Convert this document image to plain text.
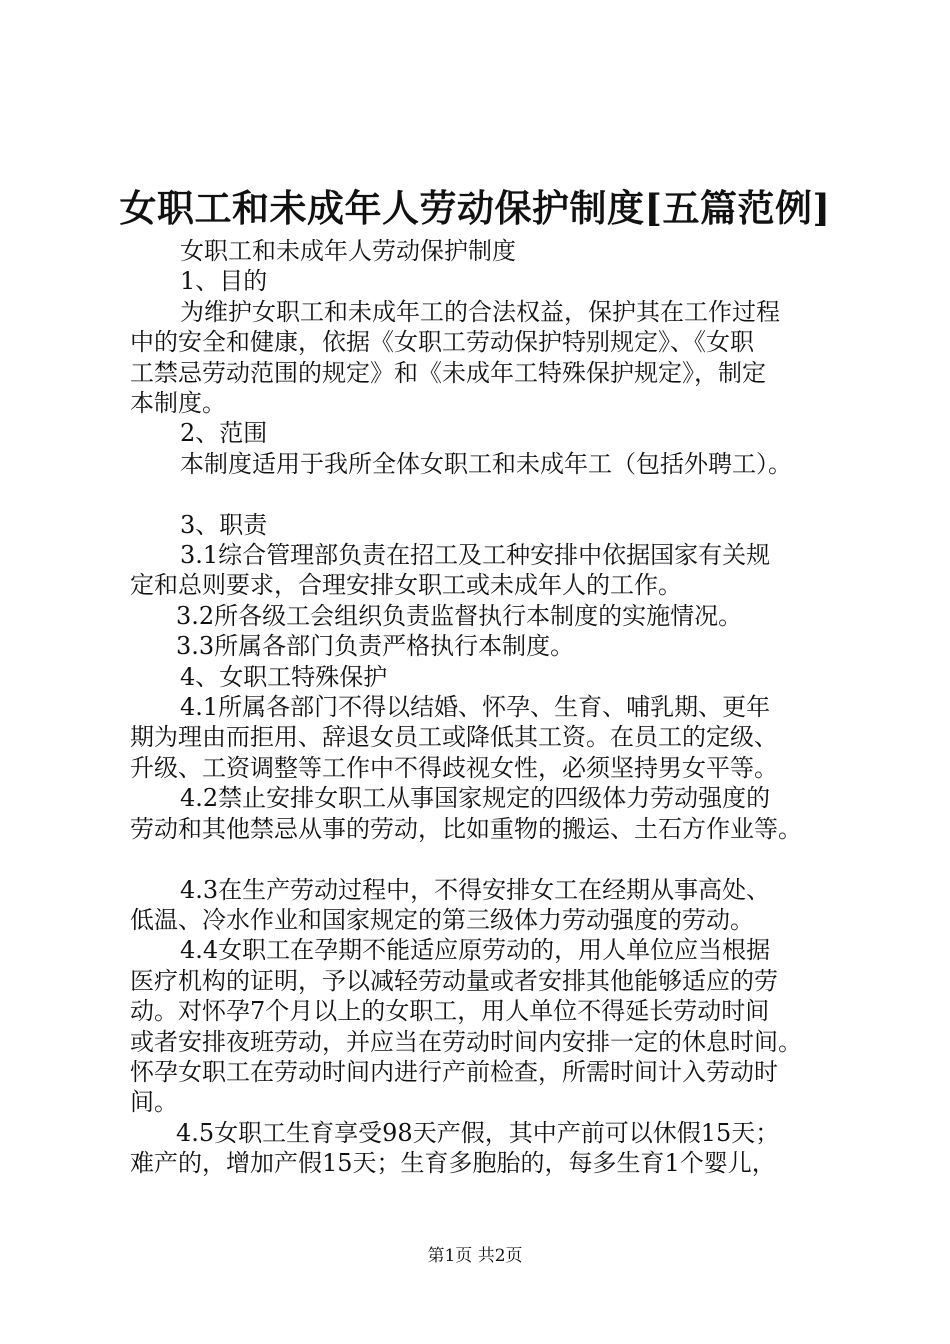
女职工和未成年人劳动保护制度[五篇范例]

女职工和未成年人劳动保护制度

1、目的

为维护女职工和未成年工的合法权益，保护其在工作过程

中的安全和健康，依据《女职工劳动保护特别规定》、《女职

工禁忌劳动范围的规定》和《未成年工特殊保护规定》，制定

本制度。

2、范围

本制度适用于我所全体女职工和未成年工（包括外聘工）。

3、职责

3.1综合管理部负责在招工及工种安排中依据国家有关规

定和总则要求，合理安排女职工或未成年人的工作。

3.2所各级工会组织负责监督执行本制度的实施情况。

3.3所属各部门负责严格执行本制度。

4、女职工特殊保护

4.1所属各部门不得以结婚、怀孕、生育、哺乳期、更年

期为理由而拒用、辞退女员工或降低其工资。在员工的定级、

升级、工资调整等工作中不得歧视女性，必须坚持男女平等。

4.2禁止安排女职工从事国家规定的四级体力劳动强度的

劳动和其他禁忌从事的劳动，比如重物的搬运、土石方作业等。

4.3在生产劳动过程中，不得安排女工在经期从事高处、

低温、冷水作业和国家规定的第三级体力劳动强度的劳动。

4.4女职工在孕期不能适应原劳动的，用人单位应当根据

医疗机构的证明，予以减轻劳动量或者安排其他能够适应的劳

动。对怀孕7个月以上的女职工，用人单位不得延长劳动时间

或者安排夜班劳动，并应当在劳动时间内安排一定的休息时间。

怀孕女职工在劳动时间内进行产前检查，所需时间计入劳动时

间。

4.5女职工生育享受98天产假，其中产前可以休假15天；

难产的，增加产假15天；生育多胞胎的，每多生育1个婴儿，

第1页 共2页
